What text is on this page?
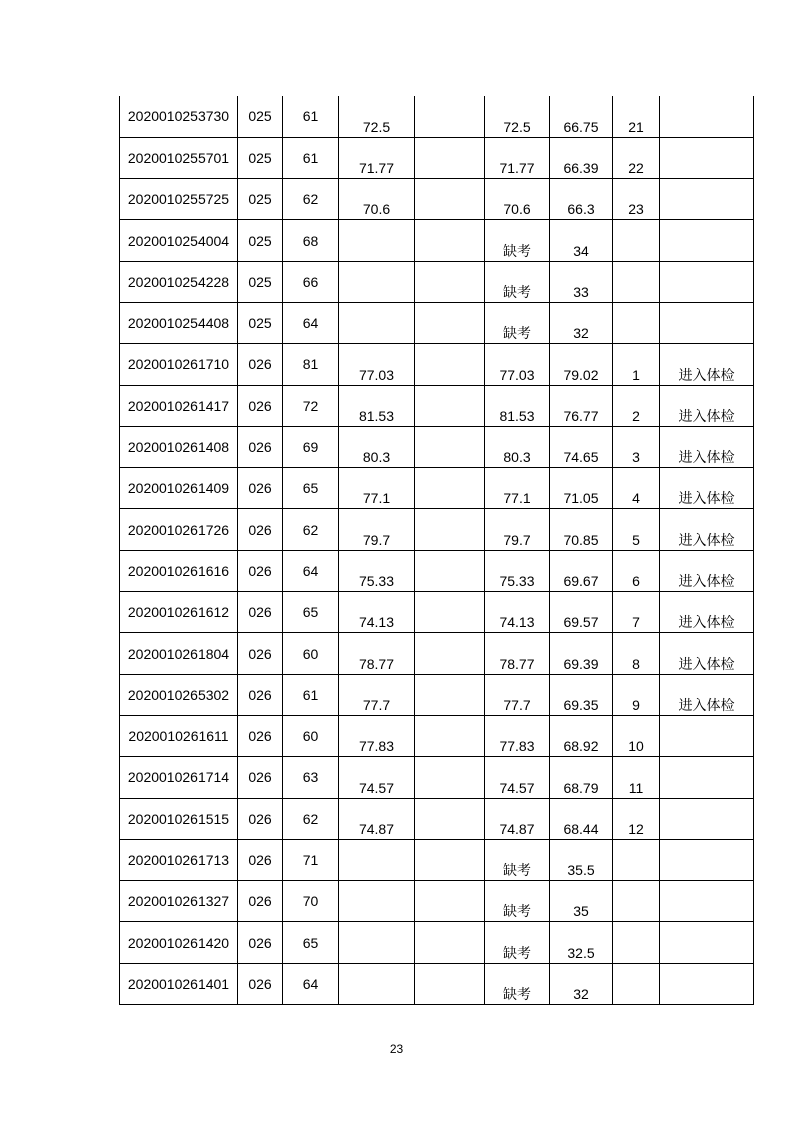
2020010253730	025	61	72.5		72.5	66.75	21	
2020010255701	025	61	71.77		71.77	66.39	22	
2020010255725	025	62	70.6		70.6	66.3	23	
2020010254004	025	68			缺考	34		
2020010254228	025	66			缺考	33		
2020010254408	025	64			缺考	32		
2020010261710	026	81	77.03		77.03	79.02	1	进入体检
2020010261417	026	72	81.53		81.53	76.77	2	进入体检
2020010261408	026	69	80.3		80.3	74.65	3	进入体检
2020010261409	026	65	77.1		77.1	71.05	4	进入体检
2020010261726	026	62	79.7		79.7	70.85	5	进入体检
2020010261616	026	64	75.33		75.33	69.67	6	进入体检
2020010261612	026	65	74.13		74.13	69.57	7	进入体检
2020010261804	026	60	78.77		78.77	69.39	8	进入体检
2020010265302	026	61	77.7		77.7	69.35	9	进入体检
2020010261611	026	60	77.83		77.83	68.92	10	
2020010261714	026	63	74.57		74.57	68.79	11	
2020010261515	026	62	74.87		74.87	68.44	12	
2020010261713	026	71			缺考	35.5		
2020010261327	026	70			缺考	35		
2020010261420	026	65			缺考	32.5		
2020010261401	026	64			缺考	32		
23
